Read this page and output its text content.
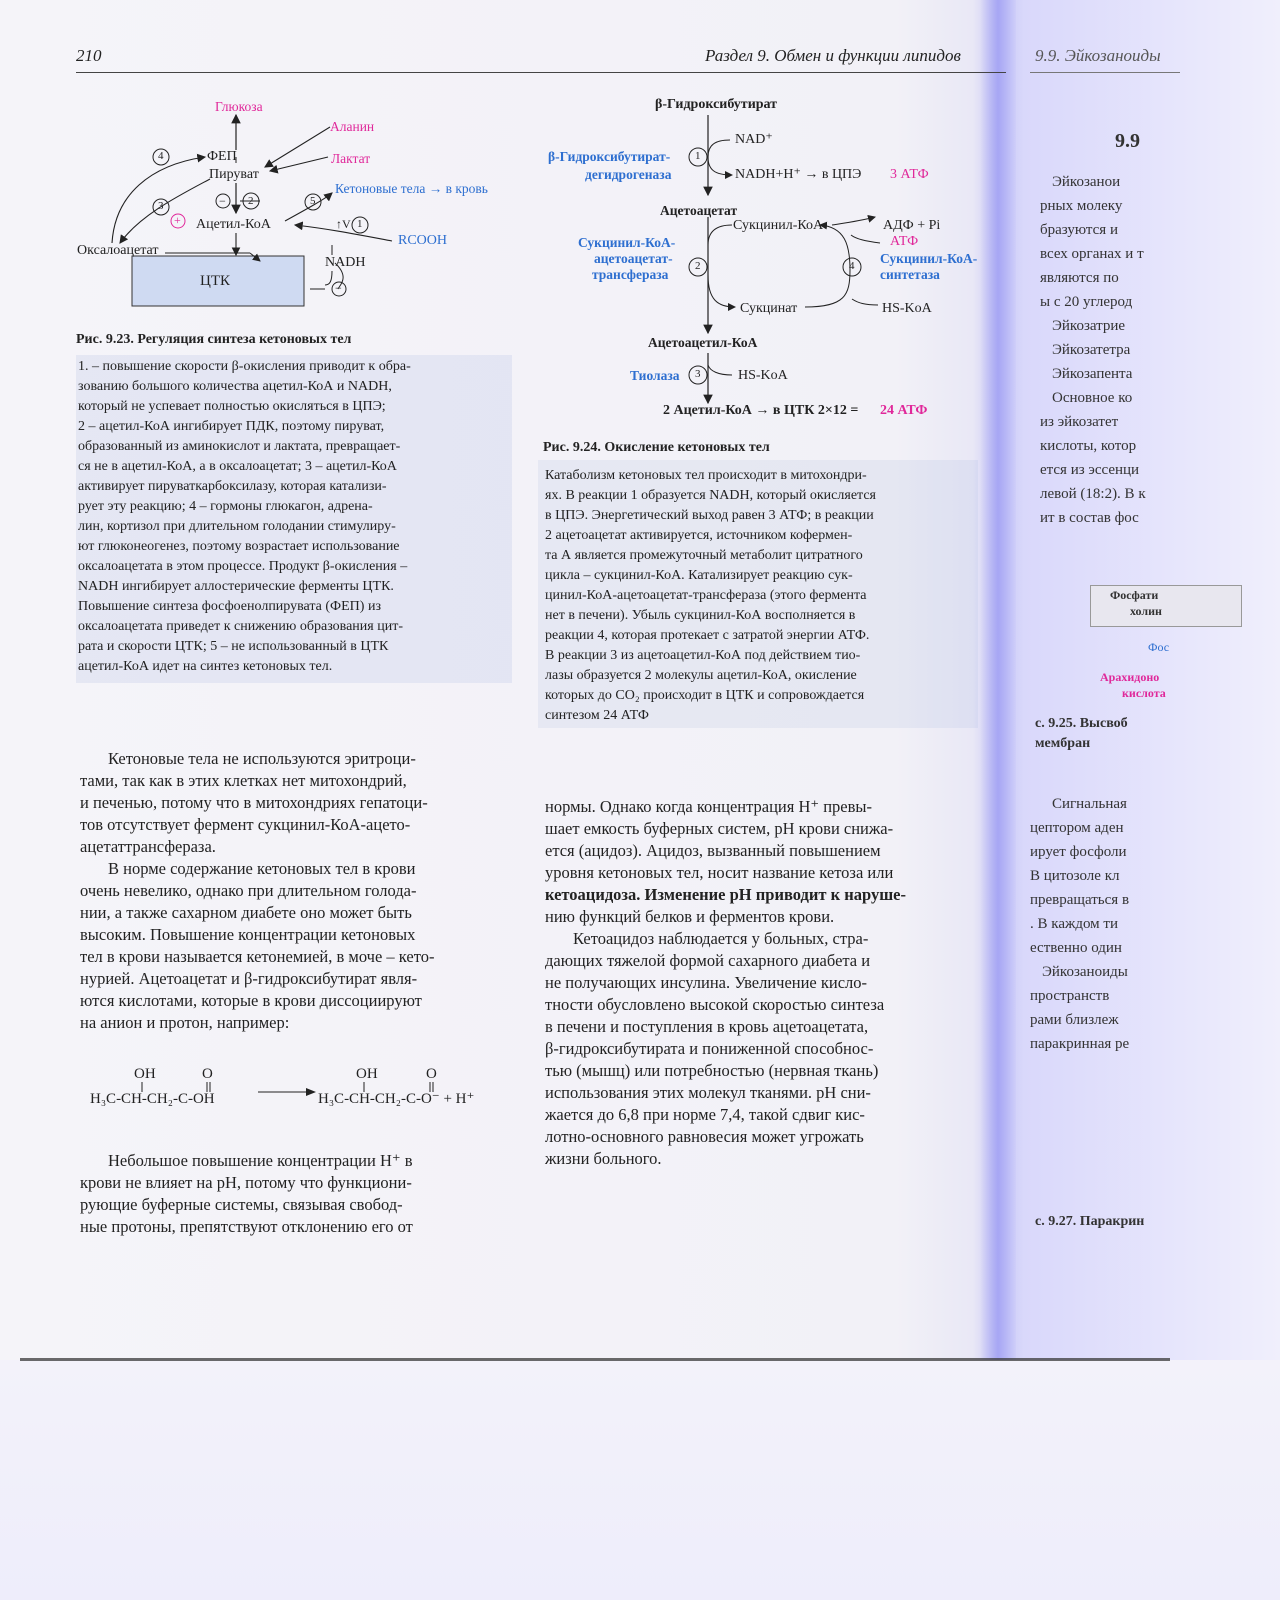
210	Раздел 9. Обмен и функции липидов	9.9. Эйкозаноиды
Глюкоза
Аланин
ФЕП	Лактат
Пируват
Кетоновые тела → в кровь
Ацетил-КоА
RCOOH
Оксалоацетат
NADH
ЦТК
4
3	2	5
1
+
−
−
↑V
Рис. 9.23. Регуляция синтеза кетоновых тел
1. – повышение скорости β-окисления приводит к обра-
зованию большого количества ацетил-КоА и NADH,
который не успевает полностью окисляться в ЦПЭ;
2 – ацетил-КоА ингибирует ПДК, поэтому пируват,
образованный из аминокислот и лактата, превращает-
ся не в ацетил-КоА, а в оксалоацетат; 3 – ацетил-КоА
активирует пируваткарбоксилазу, которая катализи-
рует эту реакцию; 4 – гормоны глюкагон, адрена-
лин, кортизол при длительном голодании стимулиру-
ют глюконеогенез, поэтому возрастает использование
оксалоацетата в этом процессе. Продукт β-окисления –
NADH ингибирует аллостерические ферменты ЦТК.
Повышение синтеза фосфоенолпирувата (ФЕП) из
оксалоацетата приведет к снижению образования цит-
рата и скорости ЦТК; 5 – не использованный в ЦТК
ацетил-КоА идет на синтез кетоновых тел.
β-Гидроксибутират
NAD⁺
β-Гидроксибутират-
дегидрогеназа	NADH+H⁺ → в ЦПЭ 3 АТФ
Ацетоацетат
Сукцинил-КоА	АДФ + Pi
АТФ
Сукцинил-КоА-
ацетоацетат-
трансфераза
Сукцинил-КоА-
синтетаза
Сукцинат	HS-KoA
Ацетоацетил-КоА
Тиолаза	HS-KoA
2 Ацетил-КоА → в ЦТК 2×12 = 24 АТФ
1
2	4
3
Рис. 9.24. Окисление кетоновых тел
Катаболизм кетоновых тел происходит в митохондри-
ях. В реакции 1 образуется NADH, который окисляется
в ЦПЭ. Энергетический выход равен 3 АТФ; в реакции
2 ацетоацетат активируется, источником кофермен-
та А является промежуточный метаболит цитратного
цикла – сукцинил-КоА. Катализирует реакцию сук-
цинил-КоА-ацетоацетат-трансфераза (этого фермента
нет в печени). Убыль сукцинил-КоА восполняется в
реакции 4, которая протекает с затратой энергии АТФ.
В реакции 3 из ацетоацетил-КоА под действием тио-
лазы образуется 2 молекулы ацетил-КоА, окисление
которых до CO₂ происходит в ЦТК и сопровождается
синтезом 24 АТФ
Кетоновые тела не используются эритроци-
тами, так как в этих клетках нет митохондрий,
и печенью, потому что в митохондриях гепатоци-
тов отсутствует фермент сукцинил-КоА-ацето-
ацетаттрансфераза.
В норме содержание кетоновых тел в крови
очень невелико, однако при длительном голода-
нии, а также сахарном диабете оно может быть
высоким. Повышение концентрации кетоновых
тел в крови называется кетонемией, в моче – кето-
нурией. Ацетоацетат и β-гидроксибутират явля-
ются кислотами, которые в крови диссоциируют
на анион и протон, например:
OH	O	OH	O
H₃C-CH-CH₂-C-OH	H₃C-CH-CH₂-C-O⁻ + H⁺
Небольшое повышение концентрации H⁺ в
крови не влияет на pH, потому что функциони-
рующие буферные системы, связывая свобод-
ные протоны, препятствуют отклонению его от
нормы. Однако когда концентрация H⁺ превы-
шает емкость буферных систем, pH крови снижа-
ется (ацидоз). Ацидоз, вызванный повышением
уровня кетоновых тел, носит название кетоза или
кетоацидоза. Изменение pH приводит к наруше-
нию функций белков и ферментов крови.
Кетоацидоз наблюдается у больных, стра-
дающих тяжелой формой сахарного диабета и
не получающих инсулина. Увеличение кисло-
тности обусловлено высокой скоростью синтеза
в печени и поступления в кровь ацетоацетата,
β-гидроксибутирата и пониженной способнос-
тью (мышц) или потребностью (нервная ткань)
использования этих молекул тканями. pH сни-
жается до 6,8 при норме 7,4, такой сдвиг кис-
лотно-основного равновесия может угрожать
жизни больного.
9.9
Эйкозанои
рных молеку
бразуются и
всех органах и т
являются по
ы с 20 углерод
Эйкозатрие
Эйкозатетра
Эйкозапента
Основное ко
из эйкозатет
кислоты, котор
ется из эссенци
левой (18:2). В к
ит в состав фос
Фосфати
холин
Фос
Арахидоно
кислота
с. 9.25. Высвоб
мембран
Сигнальная
цептором аден
ирует фосфоли
В цитозоле кл
превращаться в
. В каждом ти
ественно один
Эйкозаноиды
пространств
рами близлеж
паракринная ре
с. 9.27. Паракрин
